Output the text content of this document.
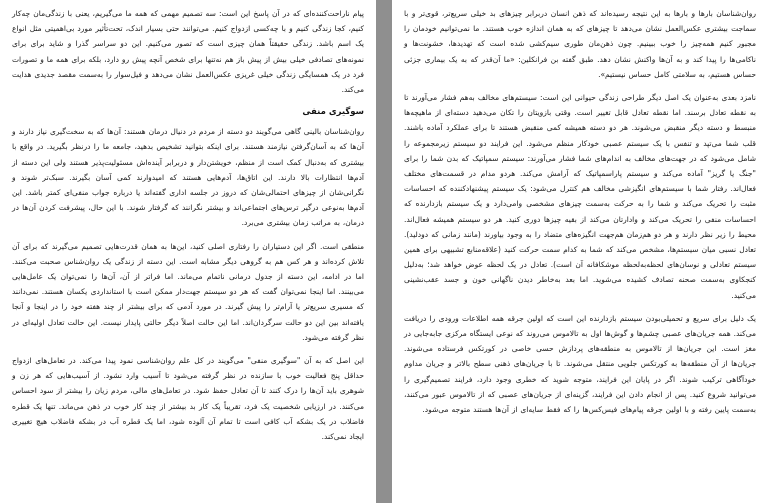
پیام ناراحت‌کننده‌ای که در آن پاسخ این است: سه تصمیم مهمی که همه‌ ما می‌گیریم، یعنی با زندگی‌مان چه‌کار کنیم، کجا زندگی کنیم و با چه‌کسی ازدواج کنیم. می‌توانند حتی بسیار اندک، تحت‌تأثیر مورد بی‌اهمیتی مثل انواع یک اسم باشد. زندگی حقیقتاً همان چیزی است که تصور می‌کنیم. این دو سراسر گذرا و شاید برای برای نمونه‌های تصادفی خیلی بیش از پیش باز هم نه‌تنها برای شخص آنچه پیش رو دارد، بلکه برای همه‌ ما و تصورات فرد در یک همسایگی زندگی خیلی غریزی عکس‌العمل نشان می‌دهد و فیل‌سوار را به‌سمت مقصد جدیدی هدایت می‌کند.

سوگیری منفی

روان‌شناسان بالینی گاهی می‌گویند دو دسته از مردم در دنیال درمان هستند: آن‌ها که به سخت‌گیری نیاز دارند و آن‌ها که به آسان‌گرفتن نیازمند هستند. برای اینکه بتوانید تشخیص بدهید، جامعه ما را درنظر بگیرید. در واقع با بیشتری که به‌دنبال کمک است از منظم، خویشتن‌دار و دربرابر آینده‌اش مسئولیت‌پذیر هستند ولی این دسته از آدم‌ها انتظارات بالا دارند. این اتاق‌ها، آدم‌هایی هستند که امیدوارند کمی آسان بگیرند. سبک‌تر شوند و نگرانی‌شان از چیزهای احتمالی‌شان که دروز در جلسه اداری گفته‌اند یا درباره جواب منفی‌ای کمتر باشد. این آدم‌ها به‌نوعی درگیر ترس‌های اجتماعی‌اند و بیشتر نگرانند که گرفتار شوند. با این حال، پیشرفت کردن آن‌ها در درمان، به مراتب زمان بیشتری می‌برد.

منطقی است. اگر این دستیاران را رفتاری اصلی کنید، این‌ها به همان قدرت‌هایی تصمیم می‌گیرند که برای آن تلاش کرده‌اند و هر کس هم به گروهی دیگر مشابه است. این دسته از زندگی یک روان‌شناس صحبت می‌کنند. اما در ادامه، این دسته از جدول درمانی ناتمام می‌ماند. اما فراتر از آن، آن‌ها را نمی‌توان یک عامل‌هایی می‌بینند. اما اینجا نمی‌توان گفت که هر دو سیستم جهت‌دار ممکن است با استانداردی یکسان هستند. نمی‌دانند که مسیری سریع‌تر یا آرام‌تر را پیش گیرند. در مورد آدمی که برای بیشتر از چند هفته خود را در اینجا و آنجا یافته‌اند بین این دو حالت سرگردان‌اند. اما این حالت اصلاً دیگر حالتی پایدار نیست. این حالت تعادل اولیه‌ای در نظر گرفته می‌شود.

این اصل که به آن "سوگیری منفی" می‌گویند در کل علم روان‌شناسی نمود پیدا می‌کند. در تعامل‌های ازدواج حداقل پنج فعالیت خوب با سازنده در نظر گرفته می‌شود تا آسیب وارد نشود. از آسیب‌هایی که هر زن و شوهری باید آن‌ها را درک کنند تا آن تعادل حفظ شود. در تعامل‌های مالی، مردم زیان را بیشتر از سود احساس می‌کنند. در ارزیابی شخصیت یک فرد، تقریباً یک کار بد بیشتر از چند کار خوب در ذهن می‌ماند. تنها یک قطره فاضلاب در یک بشکه آب کافی است تا تمام آن آلوده شود، اما یک قطره آب در بشکه فاضلاب هیچ تغییری ایجاد نمی‌کند.

روان‌شناسان بارها و بارها به این نتیجه رسیده‌اند که ذهن انسان دربرابر چیزهای بد خیلی سریع‌تر، قوی‌تر و با سماجت بیشتری عکس‌العمل نشان می‌دهد تا چیزهای که به همان اندازه خوب هستند. ما نمی‌توانیم خودمان را مجبور کنیم همه‌چیز را خوب ببینیم. چون ذهن‌مان طوری سیم‌کشی شده است که تهدیدها، خشونت‌ها و ناکامی‌ها را پیدا کند و به آن‌ها واکنش نشان دهد. طبق گفته بن فرانکلین: «ما آن‌قدر که به یک بیماری جزئی حساس هستیم، به سلامتی کامل حساس نیستیم».

نامزد بعدی به‌عنوان یک اصل دیگر طراحی زندگی حیوانی این است: سیستم‌های مخالف به‌هم فشار می‌آورند تا به نقطه تعادل برسند. اما نقطه تعادل قابل تغییر است. وقتی بازویتان را تکان می‌دهید دسته‌ای از ماهیچه‌ها منبسط و دسته دیگر منقبض می‌شوند. هر دو دسته همیشه کمی منقبض هستند تا برای عملکرد آماده باشند. قلب شما می‌تپد و تنفس با یک سیستم عصبی خودکار منظم می‌شود. این فرایند دو سیستم زیرمجموعه را شامل می‌شود که در جهت‌های مخالف به اندام‌های شما فشار می‌آورند: سیستم سمپاتیک که بدن شما را برای "جنگ یا گریز" آماده می‌کند و سیستم پاراسمپاتیک که آرامش می‌کند. هردو مدام در قسمت‌های مختلف فعال‌اند. رفتار شما با سیستم‌های انگیزشی مخالف هم کنترل می‌شود: یک سیستم پیشنهادکننده که احساسات مثبت را تحریک می‌کند و شما را به حرکت به‌سمت چیزهای مشخصی وامی‌دارد و یک سیستم بازدارنده که احساسات منفی را تحریک می‌کند و وادارتان می‌کند از بقیه چیزها دوری کنید. هر دو سیستم همیشه فعال‌اند. محیط را زیر نظر دارند و هر دو هم‌زمان هم‌جهت انگیزه‌های متضاد را به وجود بیاورند (مانند زمانی که دودلید). تعادل نسبی میان سیستم‌ها، مشخص می‌کند که شما به کدام سمت حرکت کنید (علاقه‌منابع تشبیهی برای همین سیستم تعادلی و نوسان‌های لحظه‌به‌لحظه موشکافانه آن است). تعادل در یک لحظه عوض خواهد شد؛ به‌دلیل کنجکاوی به‌سمت صحنه تصادف کشیده می‌شوید. اما بعد به‌خاطر دیدن ناگهانی خون و جسد عقب‌نشینی می‌کنید.

یک دلیل برای سریع و تحمیلی‌بودن سیستم بازدارنده این است که اولین جرقه همه اطلاعات ورودی را دریافت می‌کند. همه جریان‌های عصبی چشم‌ها و گوش‌ها اول به تالاموس می‌روند که نوعی ایستگاه مرکزی جابه‌جایی در مغز است. این جریان‌ها از تالاموس به منطقه‌های پردازش حسی خاصی در کورتکس فرستاده می‌شوند. جریان‌ها از آن منطقه‌ها به کورتکس جلویی منتقل می‌شوند. تا با جریان‌های ذهنی سطح بالاتر و جریان مداوم خودآگاهی ترکیب شوند. اگر در پایان این فرایند، متوجه شوید که خطری وجود دارد، فرایند تصمیم‌گیری را می‌توانید شروع کنید. پس از انجام دادن این فرایند، گزینه‌ای از جریان‌های عصبی که از تالاموس عبور می‌کنند، به‌سمت پایین رفته و با اولین جرقه پیام‌های فیس‌کس‌ها را که فقط سایه‌ای از آن‌ها هستند متوجه می‌شود.
